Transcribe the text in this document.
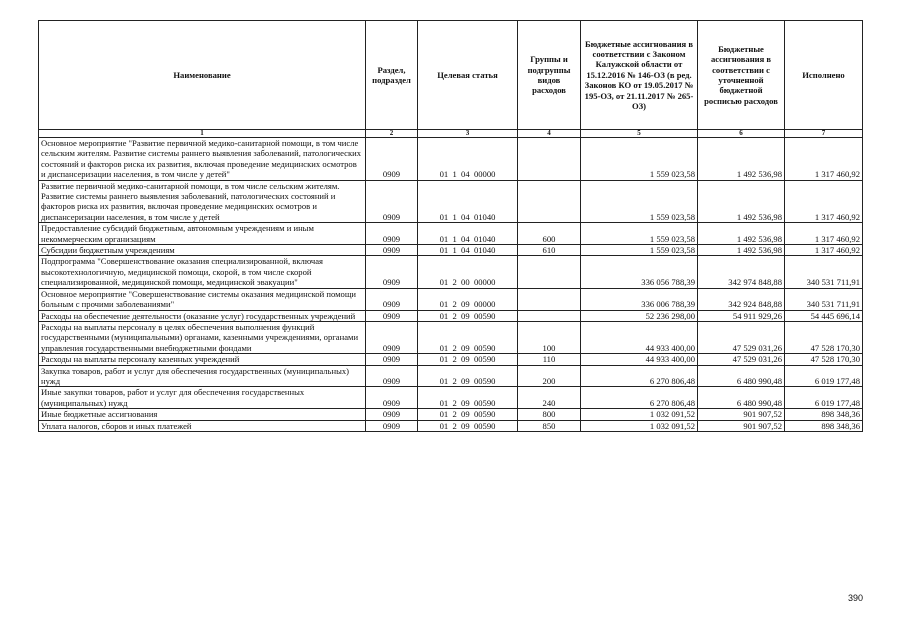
Наименование	Раздел, подраздел	Целевая статья	Группы и подгруппы видов расходов	Бюджетные ассигнования в соответствии с Законом Калужской области от 15.12.2016 № 146-ОЗ (в ред. Законов КО от 19.05.2017 № 195-ОЗ, от 21.11.2017 № 265-ОЗ)	Бюджетные ассигнования в соответствии с уточненной бюджетной росписью расходов	Исполнено
1	2	3	4	5	6	7
Основное мероприятие "Развитие первичной медико-санитарной помощи, в том числе сельским жителям. Развитие системы раннего выявления заболеваний, патологических состояний и факторов риска их развития, включая проведение медицинских осмотров и диспансеризации населения, в том числе у детей"	0909	01  1  04  00000		1 559 023,58	1 492 536,98	1 317 460,92
Развитие первичной медико-санитарной помощи, в том числе сельским жителям. Развитие системы раннего выявления заболеваний, патологических состояний и факторов риска их развития, включая проведение медицинских осмотров и диспансеризации населения, в том числе у детей	0909	01  1  04  01040		1 559 023,58	1 492 536,98	1 317 460,92
Предоставление субсидий бюджетным, автономным учреждениям и иным некоммерческим организациям	0909	01  1  04  01040	600	1 559 023,58	1 492 536,98	1 317 460,92
Субсидии бюджетным учреждениям	0909	01  1  04  01040	610	1 559 023,58	1 492 536,98	1 317 460,92
Подпрограмма "Совершенствование оказания специализированной, включая высокотехнологичную, медицинской помощи, скорой, в том числе скорой специализированной, медицинской помощи, медицинской эвакуации"	0909	01  2  00  00000		336 056 788,39	342 974 848,88	340 531 711,91
Основное мероприятие "Совершенствование системы оказания медицинской помощи больным с прочими заболеваниями"	0909	01  2  09  00000		336 006 788,39	342 924 848,88	340 531 711,91
Расходы на обеспечение деятельности (оказание услуг) государственных учреждений	0909	01  2  09  00590		52 236 298,00	54 911 929,26	54 445 696,14
Расходы на выплаты персоналу в целях обеспечения выполнения функций государственными (муниципальными) органами, казенными учреждениями, органами управления государственными внебюджетными фондами	0909	01  2  09  00590	100	44 933 400,00	47 529 031,26	47 528 170,30
Расходы на выплаты персоналу казенных учреждений	0909	01  2  09  00590	110	44 933 400,00	47 529 031,26	47 528 170,30
Закупка товаров, работ и услуг для обеспечения государственных (муниципальных) нужд	0909	01  2  09  00590	200	6 270 806,48	6 480 990,48	6 019 177,48
Иные закупки товаров, работ и услуг для обеспечения государственных (муниципальных) нужд	0909	01  2  09  00590	240	6 270 806,48	6 480 990,48	6 019 177,48
Иные бюджетные ассигнования	0909	01  2  09  00590	800	1 032 091,52	901 907,52	898 348,36
Уплата налогов, сборов и иных платежей	0909	01  2  09  00590	850	1 032 091,52	901 907,52	898 348,36
390
